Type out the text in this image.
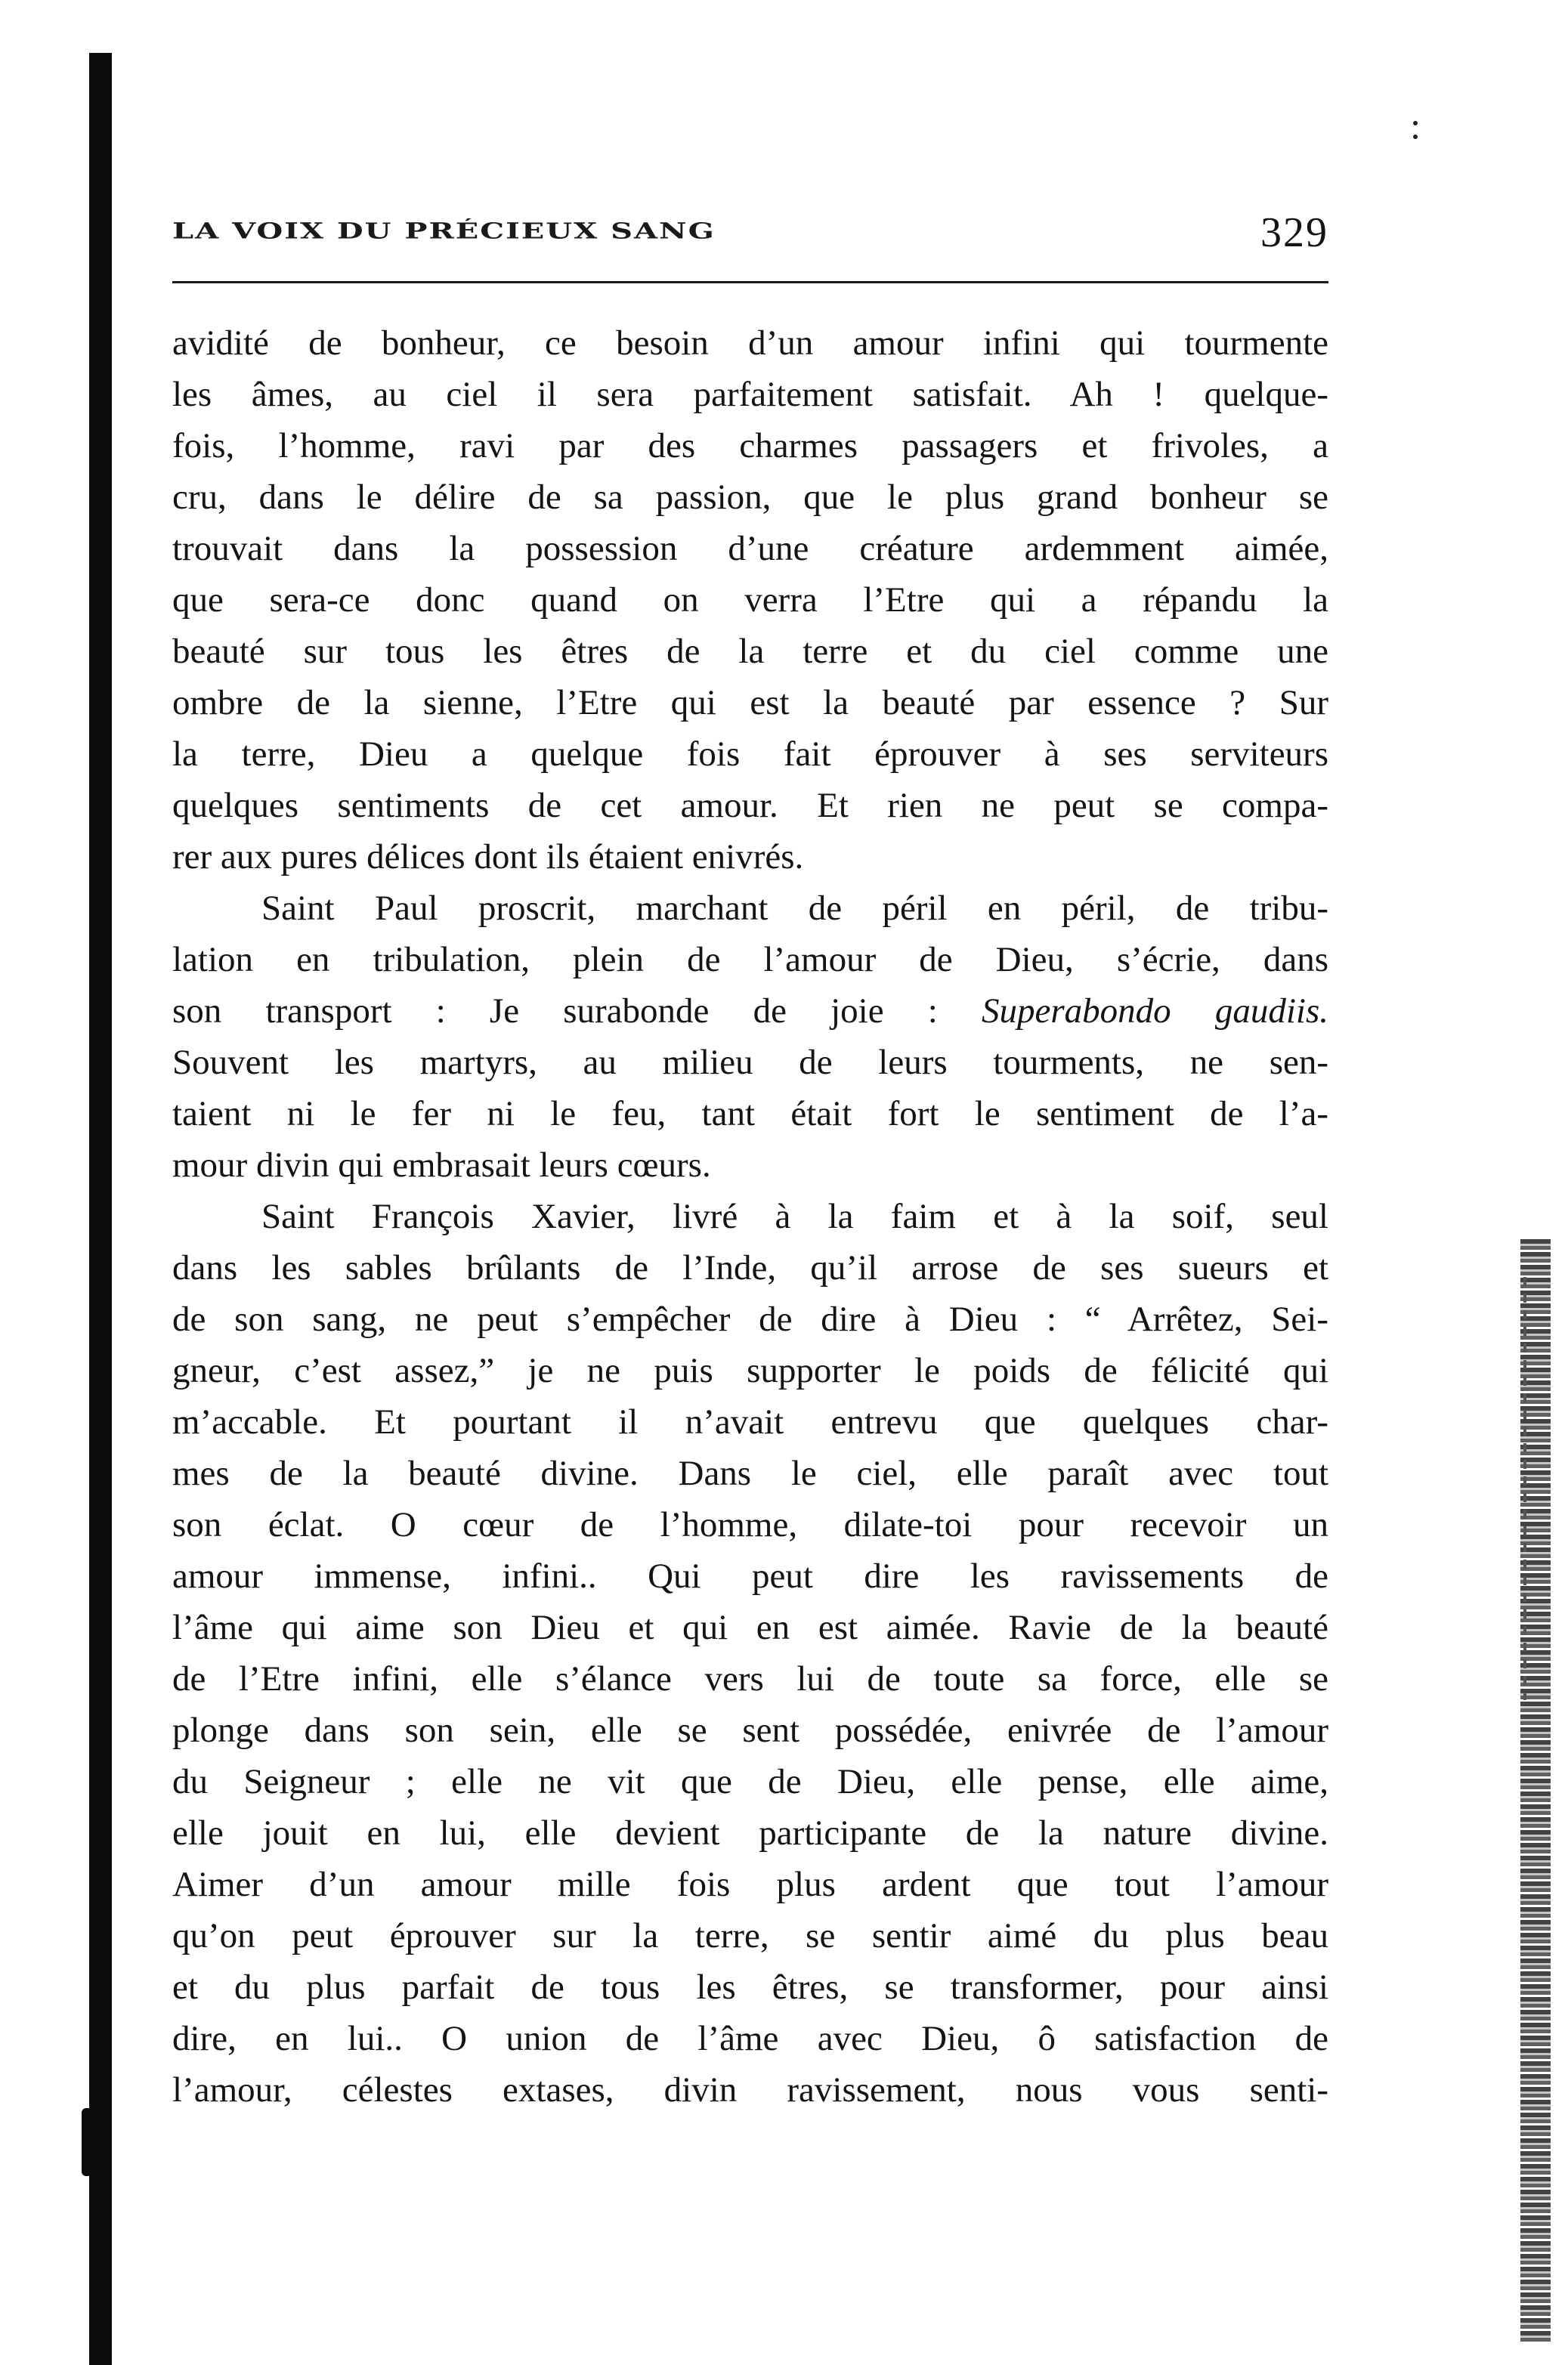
LA VOIX DU PRÉCIEUX SANG	329
avidité de bonheur, ce besoin d’un amour infini qui tourmente
les âmes, au ciel il sera parfaitement satisfait. Ah ! quelque-
fois, l’homme, ravi par des charmes passagers et frivoles, a
cru, dans le délire de sa passion, que le plus grand bonheur se
trouvait dans la possession d’une créature ardemment aimée,
que sera-ce donc quand on verra l’Etre qui a répandu la
beauté sur tous les êtres de la terre et du ciel comme une
ombre de la sienne, l’Etre qui est la beauté par essence ? Sur
la terre, Dieu a quelque fois fait éprouver à ses serviteurs
quelques sentiments de cet amour. Et rien ne peut se compa-
rer aux pures délices dont ils étaient enivrés.
Saint Paul proscrit, marchant de péril en péril, de tribu-
lation en tribulation, plein de l’amour de Dieu, s’écrie, dans
son transport : Je surabonde de joie : Superabondo gaudiis.
Souvent les martyrs, au milieu de leurs tourments, ne sen-
taient ni le fer ni le feu, tant était fort le sentiment de l’a-
mour divin qui embrasait leurs cœurs.
Saint François Xavier, livré à la faim et à la soif, seul
dans les sables brûlants de l’Inde, qu’il arrose de ses sueurs et
de son sang, ne peut s’empêcher de dire à Dieu : “ Arrêtez, Sei-
gneur, c’est assez,” je ne puis supporter le poids de félicité qui
m’accable. Et pourtant il n’avait entrevu que quelques char-
mes de la beauté divine. Dans le ciel, elle paraît avec tout
son éclat. O cœur de l’homme, dilate-toi pour recevoir un
amour immense, infini.. Qui peut dire les ravissements de
l’âme qui aime son Dieu et qui en est aimée. Ravie de la beauté
de l’Etre infini, elle s’élance vers lui de toute sa force, elle se
plonge dans son sein, elle se sent possédée, enivrée de l’amour
du Seigneur ; elle ne vit que de Dieu, elle pense, elle aime,
elle jouit en lui, elle devient participante de la nature divine.
Aimer d’un amour mille fois plus ardent que tout l’amour
qu’on peut éprouver sur la terre, se sentir aimé du plus beau
et du plus parfait de tous les êtres, se transformer, pour ainsi
dire, en lui.. O union de l’âme avec Dieu, ô satisfaction de
l’amour, célestes extases, divin ravissement, nous vous senti-
